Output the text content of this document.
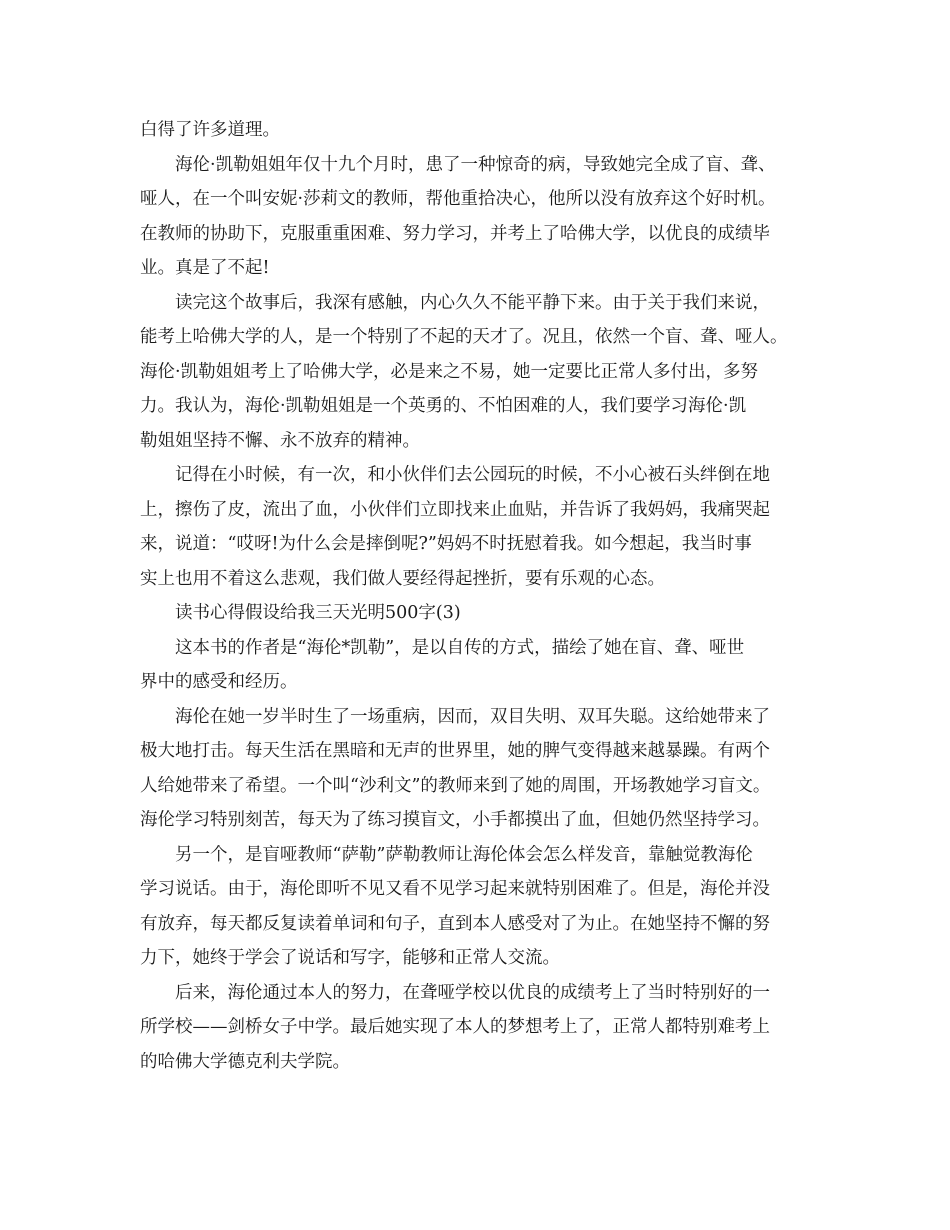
白得了许多道理。
海伦·凯勒姐姐年仅十九个月时，患了一种惊奇的病，导致她完全成了盲、聋、
哑人，在一个叫安妮·莎莉文的教师，帮他重拾决心，他所以没有放弃这个好时机。
在教师的协助下，克服重重困难、努力学习，并考上了哈佛大学，以优良的成绩毕
业。真是了不起!
读完这个故事后，我深有感触，内心久久不能平静下来。由于关于我们来说，
能考上哈佛大学的人，是一个特别了不起的天才了。况且，依然一个盲、聋、哑人。
海伦·凯勒姐姐考上了哈佛大学，必是来之不易，她一定要比正常人多付出，多努
力。我认为，海伦·凯勒姐姐是一个英勇的、不怕困难的人，我们要学习海伦·凯
勒姐姐坚持不懈、永不放弃的精神。
记得在小时候，有一次，和小伙伴们去公园玩的时候，不小心被石头绊倒在地
上，擦伤了皮，流出了血，小伙伴们立即找来止血贴，并告诉了我妈妈，我痛哭起
来，说道：“哎呀!为什么会是摔倒呢?”妈妈不时抚慰着我。如今想起，我当时事
实上也用不着这么悲观，我们做人要经得起挫折，要有乐观的心态。
读书心得假设给我三天光明500字(3)
这本书的作者是“海伦*凯勒”，是以自传的方式，描绘了她在盲、聋、哑世
界中的感受和经历。
海伦在她一岁半时生了一场重病，因而，双目失明、双耳失聪。这给她带来了
极大地打击。每天生活在黑暗和无声的世界里，她的脾气变得越来越暴躁。有两个
人给她带来了希望。一个叫“沙利文”的教师来到了她的周围，开场教她学习盲文。
海伦学习特别刻苦，每天为了练习摸盲文，小手都摸出了血，但她仍然坚持学习。
另一个，是盲哑教师“萨勒”萨勒教师让海伦体会怎么样发音，靠触觉教海伦
学习说话。由于，海伦即听不见又看不见学习起来就特别困难了。但是，海伦并没
有放弃，每天都反复读着单词和句子，直到本人感受对了为止。在她坚持不懈的努
力下，她终于学会了说话和写字，能够和正常人交流。
后来，海伦通过本人的努力，在聋哑学校以优良的成绩考上了当时特别好的一
所学校——剑桥女子中学。最后她实现了本人的梦想考上了，正常人都特别难考上
的哈佛大学德克利夫学院。
